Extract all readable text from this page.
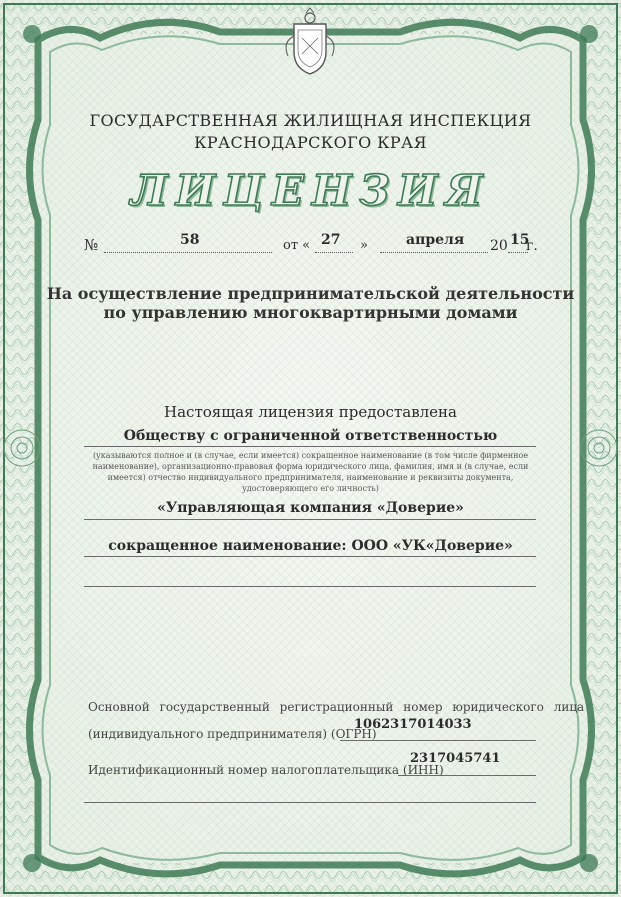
ГОСУДАРСТВЕННАЯ ЖИЛИЩНАЯ ИНСПЕКЦИЯ
КРАСНОДАРСКОГО КРАЯ
ЛИЦЕНЗИЯ
№	58	от « 27 »	апреля 20 15
г.
На осуществление предпринимательской деятельности
по управлению многоквартирными домами
Настоящая лицензия предоставлена
Обществу с ограниченной ответственностью
(указываются полное и (в случае, если имеется) сокращенное наименование (в том числе фирменное
наименование), организационно-правовая форма юридического лица, фамилия, имя и (в случае, если
имеется) отчество индивидуального предпринимателя, наименование и реквизиты документа,
удостоверяющего его личность)
«Управляющая компания «Доверие»
сокращенное наименование: ООО «УК«Доверие»
Основной государственный регистрационный номер юридического лица
(индивидуального предпринимателя) (ОГРН)
1062317014033
Идентификационный номер налогоплательщика (ИНН)
2317045741
